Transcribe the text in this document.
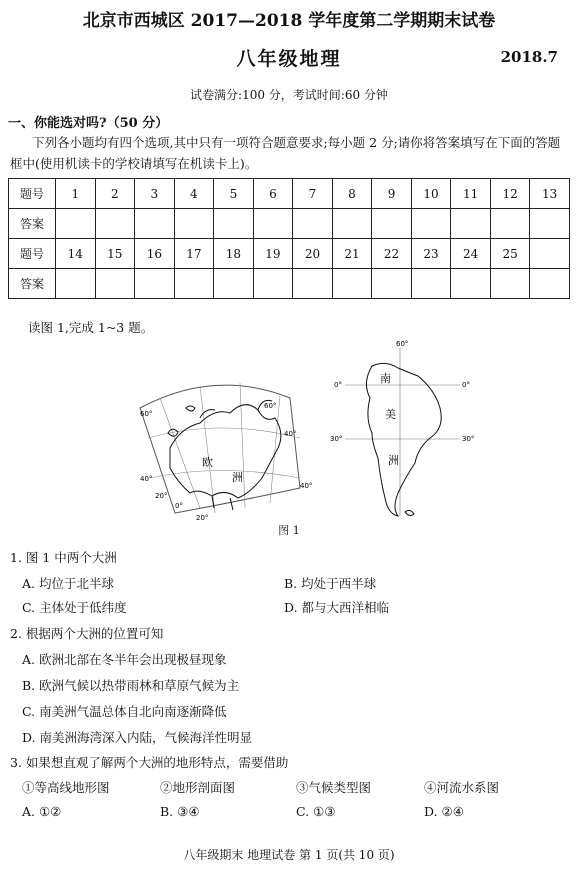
北京市西城区 2017—2018 学年度第二学期期末试卷
八年级地理	2018.7
试卷满分:100 分，考试时间:60 分钟
一、你能选对吗?（50 分）
下列各小题均有四个选项,其中只有一项符合题意要求;每小题 2 分;请你将答案填写在下面的答题框中(使用机读卡的学校请填写在机读卡上)。
题号	1	2	3	4	5	6	7	8	9	10	11	12	13
答案													
题号	14	15	16	17	18	19	20	21	22	23	24	25	
答案													
读图 1,完成 1~3 题。
欧
洲
60°
40°
20°
0°
20°
40°
60°
40°
南
美
洲
60°
0°	0°
30°	30°
图 1
1. 图 1 中两个大洲
A. 均位于北半球	B. 均处于西半球
C. 主体处于低纬度	D. 都与大西洋相临
2. 根据两个大洲的位置可知
A. 欧洲北部在冬半年会出现极昼现象
B. 欧洲气候以热带雨林和草原气候为主
C. 南美洲气温总体自北向南逐渐降低
D. 南美洲海湾深入内陆，气候海洋性明显
3. 如果想直观了解两个大洲的地形特点，需要借助
①等高线地形图	②地形剖面图	③气候类型图	④河流水系图
A. ①②	B. ③④	C. ①③	D. ②④
八年级期末 地理试卷 第 1 页(共 10 页)
